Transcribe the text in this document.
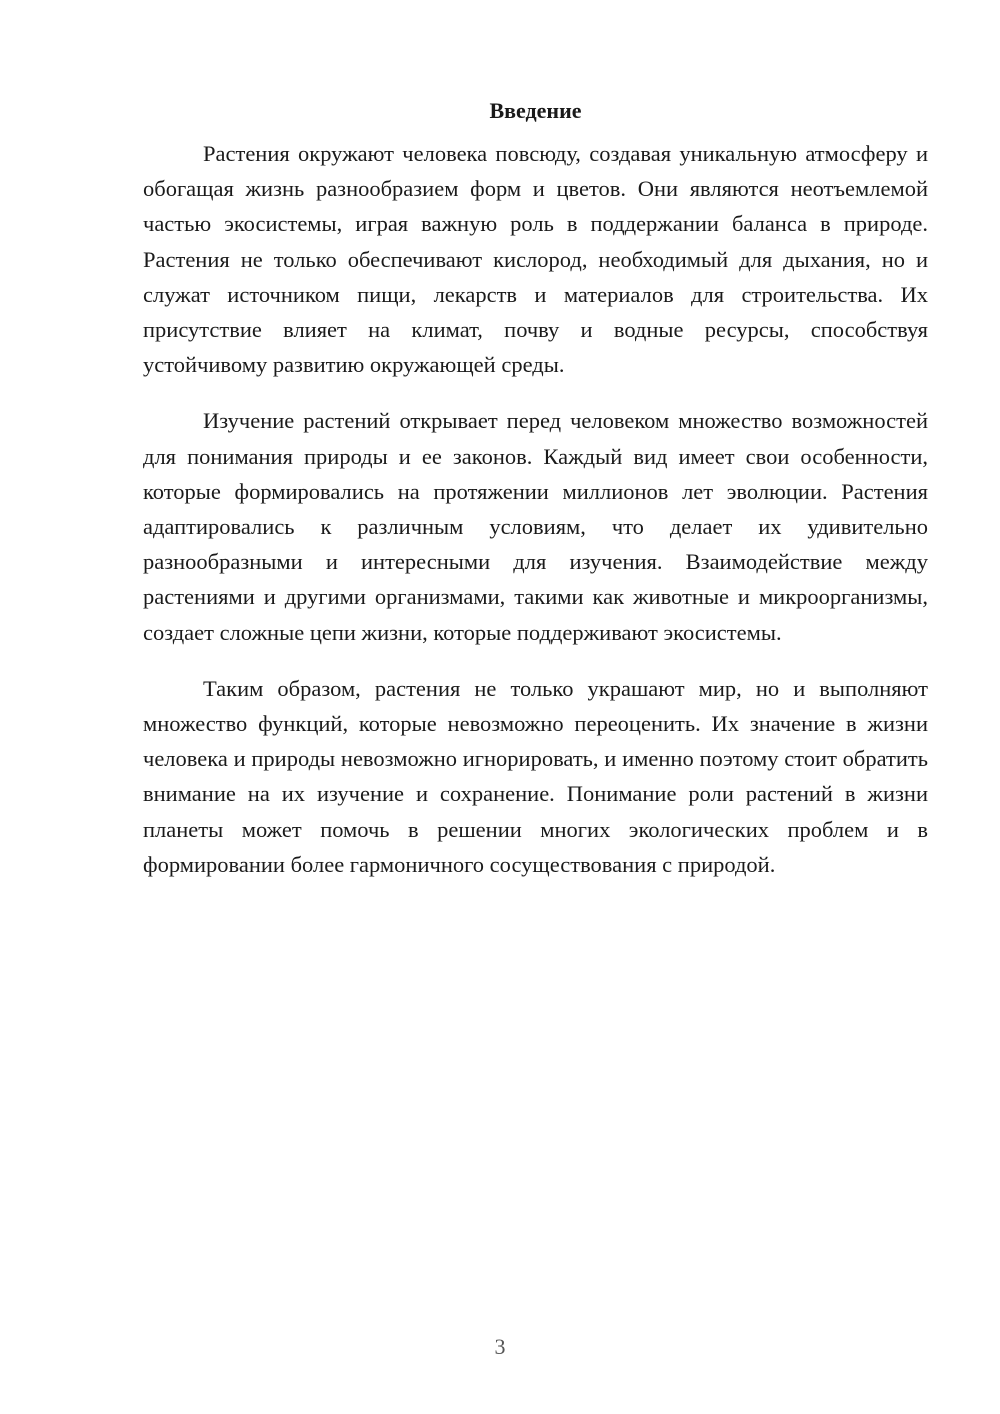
Введение

Растения окружают человека повсюду, создавая уникальную атмосферу и обогащая жизнь разнообразием форм и цветов. Они являются неотъемлемой частью экосистемы, играя важную роль в поддержании баланса в природе. Растения не только обеспечивают кислород, необходимый для дыхания, но и служат источником пищи, лекарств и материалов для строительства. Их присутствие влияет на климат, почву и водные ресурсы, способствуя устойчивому развитию окружающей среды.

Изучение растений открывает перед человеком множество возможностей для понимания природы и ее законов. Каждый вид имеет свои особенности, которые формировались на протяжении миллионов лет эволюции. Растения адаптировались к различным условиям, что делает их удивительно разнообразными и интересными для изучения. Взаимодействие между растениями и другими организмами, такими как животные и микроорганизмы, создает сложные цепи жизни, которые поддерживают экосистемы.

Таким образом, растения не только украшают мир, но и выполняют множество функций, которые невозможно переоценить. Их значение в жизни человека и природы невозможно игнорировать, и именно поэтому стоит обратить внимание на их изучение и сохранение. Понимание роли растений в жизни планеты может помочь в решении многих экологических проблем и в формировании более гармоничного сосуществования с природой.

3
